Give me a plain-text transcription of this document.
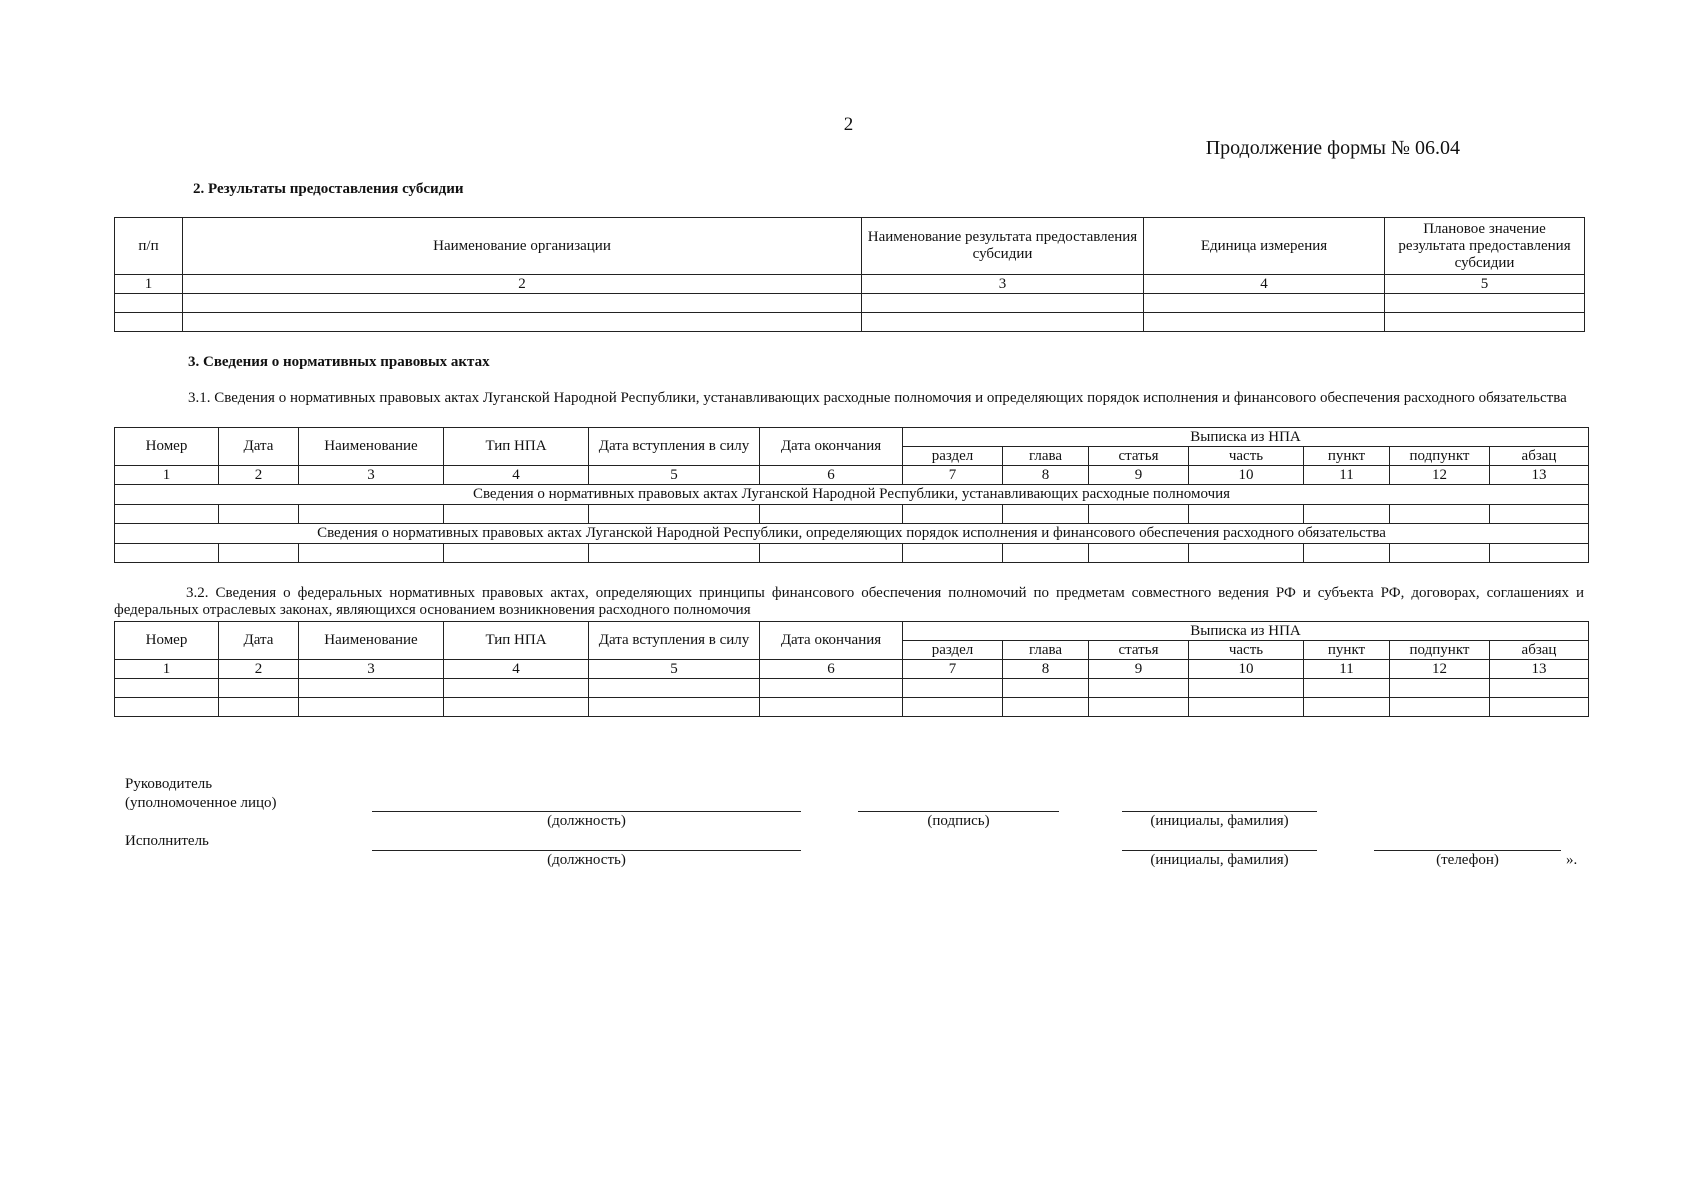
2
Продолжение формы № 06.04
2. Результаты предоставления субсидии
п/п	Наименование организации	Наименование результата предоставления субсидии	Единица измерения	Плановое значение результата предоставления субсидии
1	2	3	4	5

3. Сведения о нормативных правовых актах
3.1. Сведения о нормативных правовых актах Луганской Народной Республики, устанавливающих расходные полномочия и определяющих порядок исполнения и финансового обеспечения расходного обязательства
Номер	Дата	Наименование	Тип НПА	Дата вступления в силу	Дата окончания	Выписка из НПА						
						раздел	глава	статья	часть	пункт	подпункт	абзац
1	2	3	4	5	6	7	8	9	10	11	12	13
Сведения о нормативных правовых актах Луганской Народной Республики, устанавливающих расходные полномочия												

Сведения о нормативных правовых актах Луганской Народной Республики, определяющих порядок исполнения и финансового обеспечения расходного обязательства												

3.2. Сведения о федеральных нормативных правовых актах, определяющих принципы финансового обеспечения полномочий по предметам совместного ведения РФ и субъекта РФ, договорах, соглашениях и федеральных отраслевых законах, являющихся основанием возникновения расходного полномочия
Номер	Дата	Наименование	Тип НПА	Дата вступления в силу	Дата окончания	Выписка из НПА						
						раздел	глава	статья	часть	пункт	подпункт	абзац
1	2	3	4	5	6	7	8	9	10	11	12	13

Руководитель
(уполномоченное лицо)
(должность)	(подпись)	(инициалы, фамилия)
Исполнитель
(должность)	(инициалы, фамилия)	(телефон)	».
